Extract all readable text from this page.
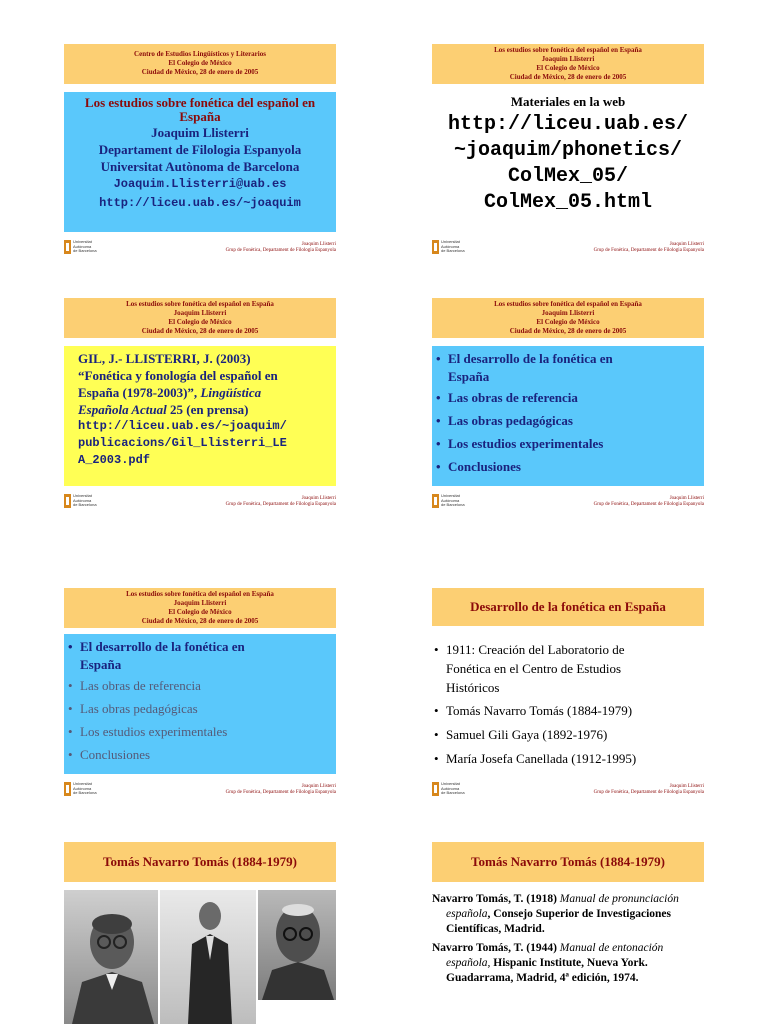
Centro de Estudios Lingüísticos y Literarios
El Colegio de México
Ciudad de México, 28 de enero de 2005
Los estudios sobre fonética del español en España
Joaquim Llisterri
Departament de Filologia Espanyola
Universitat Autònoma de Barcelona
Joaquim.Llisterri@uab.es
http://liceu.uab.es/~joaquim
Universitat
Autònoma
de Barcelona
Joaquim Llisterri
Grup de Fonètica, Departament de Filologia Espanyola
Los estudios sobre fonética del español en España
Joaquim Llisterri
El Colegio de México
Ciudad de México, 28 de enero de 2005
Materiales en la web
http://liceu.uab.es/
~joaquim/phonetics/
ColMex_05/
ColMex_05.html
Universitat
Autònoma
de Barcelona
Joaquim Llisterri
Grup de Fonètica, Departament de Filologia Espanyola
Los estudios sobre fonética del español en España
Joaquim Llisterri
El Colegio de México
Ciudad de México, 28 de enero de 2005
GIL, J.- LLISTERRI, J. (2003)
“Fonética y fonología del español en
España (1978-2003)”, Lingüística
Española Actual 25 (en prensa)
http://liceu.uab.es/~joaquim/
publicacions/Gil_Llisterri_LE
A_2003.pdf
Universitat
Autònoma
de Barcelona
Joaquim Llisterri
Grup de Fonètica, Departament de Filologia Espanyola
Los estudios sobre fonética del español en España
Joaquim Llisterri
El Colegio de México
Ciudad de México, 28 de enero de 2005
• El desarrollo de la fonética en
España
• Las obras de referencia
• Las obras pedagógicas
• Los estudios experimentales
• Conclusiones
Universitat
Autònoma
de Barcelona
Joaquim Llisterri
Grup de Fonètica, Departament de Filologia Espanyola
Los estudios sobre fonética del español en España
Joaquim Llisterri
El Colegio de México
Ciudad de México, 28 de enero de 2005
• El desarrollo de la fonética en
España
• Las obras de referencia
• Las obras pedagógicas
• Los estudios experimentales
• Conclusiones
Universitat
Autònoma
de Barcelona
Joaquim Llisterri
Grup de Fonètica, Departament de Filologia Espanyola
Desarrollo de la fonética en España
• 1911: Creación del Laboratorio de
Fonética en el Centro de Estudios
Históricos
• Tomás Navarro Tomás (1884-1979)
• Samuel Gili Gaya (1892-1976)
• María Josefa Canellada (1912-1995)
Universitat
Autònoma
de Barcelona
Joaquim Llisterri
Grup de Fonètica, Departament de Filologia Espanyola
Tomás Navarro Tomás (1884-1979)	Tomás Navarro Tomás (1884-1979)
Navarro Tomás, T. (1918) Manual de pronunciación española, Consejo Superior de Investigaciones Científicas, Madrid.
Navarro Tomás, T. (1944) Manual de entonación española, Hispanic Institute, Nueva York. Guadarrama, Madrid, 4ª edición, 1974.
